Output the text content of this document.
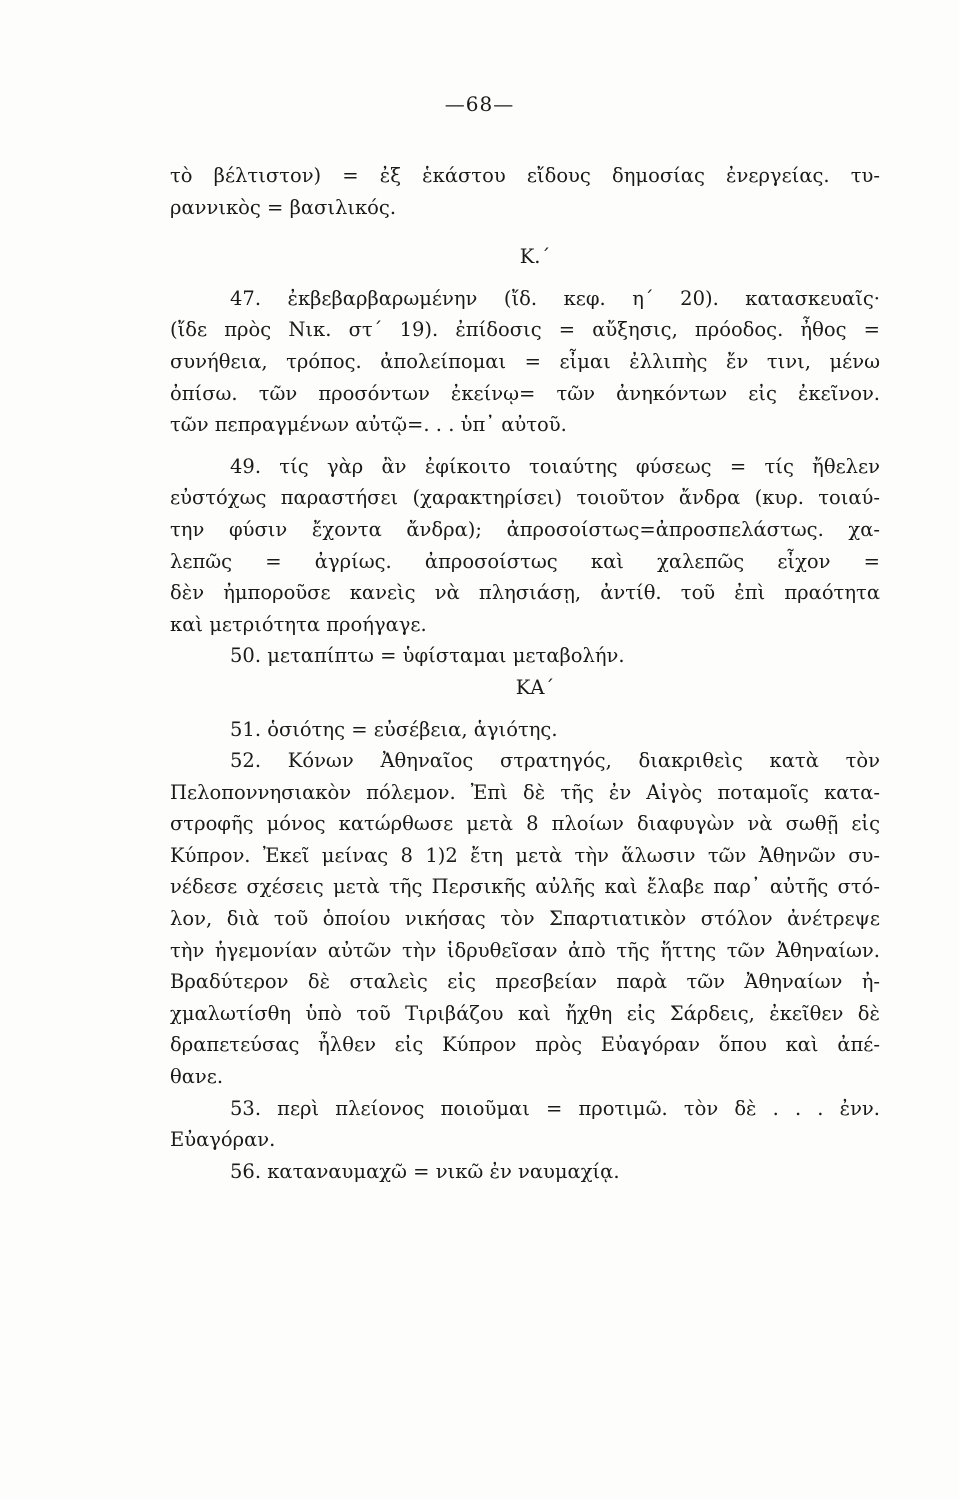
—68—
τὸ βέλτιστον) = ἐξ ἑκάστου εἴδους δημοσίας ἐνεργείας. τυ-
ραννικὸς = βασιλικός.
Κ.΄
47. ἐκβεβαρβαρωμένην (ἴδ. κεφ. η΄ 20). κατασκευαῖς·
(ἴδε πρὸς Νικ. στ΄ 19). ἐπίδοσις = αὔξησις, πρόοδος. ἦθος =
συνήθεια, τρόπος. ἀπολείπομαι = εἶμαι ἐλλιπὴς ἔν τινι, μένω
ὀπίσω. τῶν προσόντων ἐκείνῳ= τῶν ἀνηκόντων εἰς ἐκεῖνον.
τῶν πεπραγμένων αὐτῷ=. . . ὑπ᾽ αὐτοῦ.
49. τίς γὰρ ἂν ἐφίκοιτο τοιαύτης φύσεως = τίς ἤθελεν
εὐστόχως παραστήσει (χαρακτηρίσει) τοιοῦτον ἄνδρα (κυρ. τοιαύ-
την φύσιν ἔχοντα ἄνδρα); ἀπροσοίστως=ἀπροσπελάστως. χα-
λεπῶς = ἀγρίως. ἀπροσοίστως καὶ χαλεπῶς εἶχον =
δὲν ἠμποροῦσε κανεὶς νὰ πλησιάσῃ, ἀντίθ. τοῦ ἐπὶ πραότητα
καὶ μετριότητα προήγαγε.
50. μεταπίπτω = ὑφίσταμαι μεταβολήν.
ΚΑ΄
51. ὁσιότης = εὐσέβεια, ἁγιότης.
52. Κόνων Ἀθηναῖος στρατηγός, διακριθεὶς κατὰ τὸν
Πελοποννησιακὸν πόλεμον. Ἐπὶ δὲ τῆς ἐν Αἰγὸς ποταμοῖς κατα-
στροφῆς μόνος κατώρθωσε μετὰ 8 πλοίων διαφυγὼν νὰ σωθῇ εἰς
Κύπρον. Ἐκεῖ μείνας 8 1)2 ἔτη μετὰ τὴν ἅλωσιν τῶν Ἀθηνῶν συ-
νέδεσε σχέσεις μετὰ τῆς Περσικῆς αὐλῆς καὶ ἔλαβε παρ᾽ αὐτῆς στό-
λον, διὰ τοῦ ὁποίου νικήσας τὸν Σπαρτιατικὸν στόλον ἀνέτρεψε
τὴν ἡγεμονίαν αὐτῶν τὴν ἱδρυθεῖσαν ἀπὸ τῆς ἥττης τῶν Ἀθηναίων.
Βραδύτερον δὲ σταλεὶς εἰς πρεσβείαν παρὰ τῶν Ἀθηναίων ἠ-
χμαλωτίσθη ὑπὸ τοῦ Τιριβάζου καὶ ἤχθη εἰς Σάρδεις, ἐκεῖθεν δὲ
δραπετεύσας ἦλθεν εἰς Κύπρον πρὸς Εὐαγόραν ὅπου καὶ ἀπέ-
θανε.
53. περὶ πλείονος ποιοῦμαι = προτιμῶ. τὸν δὲ . . . ἐνν.
Εὐαγόραν.
56. καταναυμαχῶ = νικῶ ἐν ναυμαχίᾳ.
